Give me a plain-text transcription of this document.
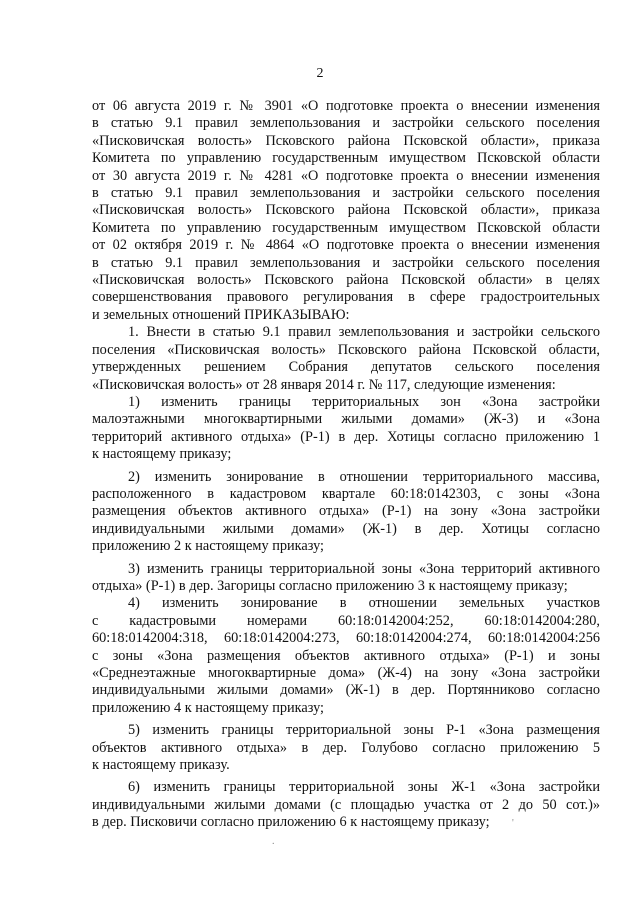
2
от 06 августа 2019 г. № 3901 «О подготовке проекта о внесении изменения
в статью 9.1 правил землепользования и застройки сельского поселения
«Писковичская волость» Псковского района Псковской области», приказа
Комитета по управлению государственным имуществом Псковской области
от 30 августа 2019 г. № 4281 «О подготовке проекта о внесении изменения
в статью 9.1 правил землепользования и застройки сельского поселения
«Писковичская волость» Псковского района Псковской области», приказа
Комитета по управлению государственным имуществом Псковской области
от 02 октября 2019 г. № 4864 «О подготовке проекта о внесении изменения
в статью 9.1 правил землепользования и застройки сельского поселения
«Писковичская волость» Псковского района Псковской области» в целях
совершенствования правового регулирования в сфере градостроительных
и земельных отношений ПРИКАЗЫВАЮ:
1. Внести в статью 9.1 правил землепользования и застройки сельского
поселения «Писковичская волость» Псковского района Псковской области,
утвержденных решением Собрания депутатов сельского поселения
«Писковичская волость» от 28 января 2014 г. № 117, следующие изменения:
1) изменить границы территориальных зон «Зона застройки
малоэтажными многоквартирными жилыми домами» (Ж-3) и «Зона
территорий активного отдыха» (Р-1) в дер. Хотицы согласно приложению 1
к настоящему приказу;
2) изменить зонирование в отношении территориального массива,
расположенного в кадастровом квартале 60:18:0142303, с зоны «Зона
размещения объектов активного отдыха» (Р-1) на зону «Зона застройки
индивидуальными жилыми домами» (Ж-1) в дер. Хотицы согласно
приложению 2 к настоящему приказу;
3) изменить границы территориальной зоны «Зона территорий активного
отдыха» (Р-1) в дер. Загорицы согласно приложению 3 к настоящему приказу;
4) изменить зонирование в отношении земельных участков
с кадастровыми номерами 60:18:0142004:252, 60:18:0142004:280,
60:18:0142004:318, 60:18:0142004:273, 60:18:0142004:274, 60:18:0142004:256
с зоны «Зона размещения объектов активного отдыха» (Р-1) и зоны
«Среднеэтажные многоквартирные дома» (Ж-4) на зону «Зона застройки
индивидуальными жилыми домами» (Ж-1) в дер. Портянниково согласно
приложению 4 к настоящему приказу;
5) изменить границы территориальной зоны Р-1 «Зона размещения
объектов активного отдыха» в дер. Голубово согласно приложению 5
к настоящему приказу.
6) изменить границы территориальной зоны Ж-1 «Зона застройки
индивидуальными жилыми домами (с площадью участка от 2 до 50 сот.)»
в дер. Писковичи согласно приложению 6 к настоящему приказу;	'
.
